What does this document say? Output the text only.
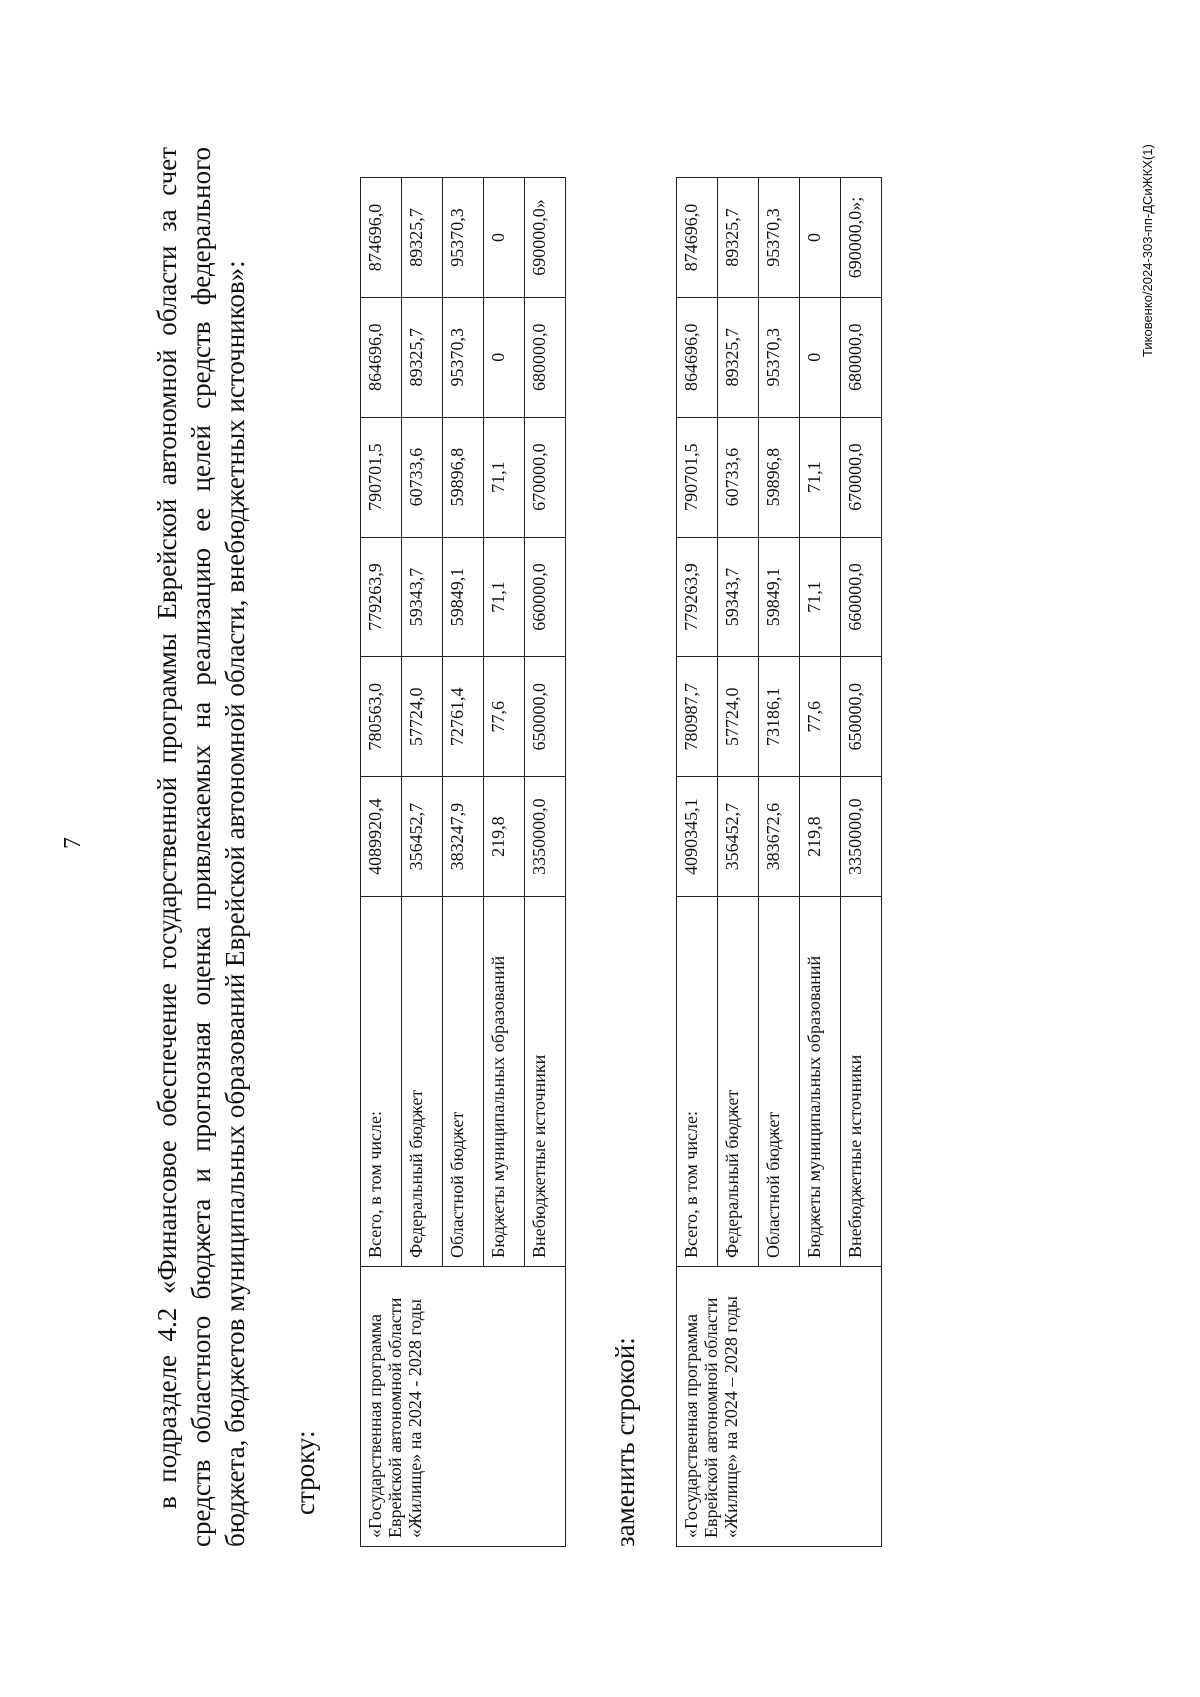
7 в подразделе 4.2 «Финансовое обеспечение государственной программы Еврейской автономной области за счет средств областного бюджета и прогнозная оценка привлекаемых на реализацию ее целей средств федерального бюджета, бюджетов муниципальных образований Еврейской автономной области, внебюджетных источников»: строку:	«Государственная программа Еврейской автономной области «Жилище» на 2024 - 2028 годы	Всего, в том числе:	4089920,4	780563,0	779263,9	790701,5	864696,0	874696,0
	Федеральный бюджет	356452,7	57724,0	59343,7	60733,6	89325,7	89325,7
	Областной бюджет	383247,9	72761,4	59849,1	59896,8	95370,3	95370,3
	Бюджеты муниципальных образований	219,8	77,6	71,1	71,1	0	0
	Внебюджетные источники	3350000,0	650000,0	660000,0	670000,0	680000,0	690000,0»
заменить строкой: «Государственная программа Еврейской автономной области «Жилище» на 2024 – 2028 годы	Всего, в том числе:	4090345,1	780987,7	779263,9	790701,5	864696,0	874696,0
	Федеральный бюджет	356452,7	57724,0	59343,7	60733,6	89325,7	89325,7
	Областной бюджет	383672,6	73186,1	59849,1	59896,8	95370,3	95370,3
	Бюджеты муниципальных образований	219,8	77,6	71,1	71,1	0	0
	Внебюджетные источники	3350000,0	650000,0	660000,0	670000,0	680000,0	690000,0»;	Тиковенко/2024-303-пп-ДСиЖКХ(1)
